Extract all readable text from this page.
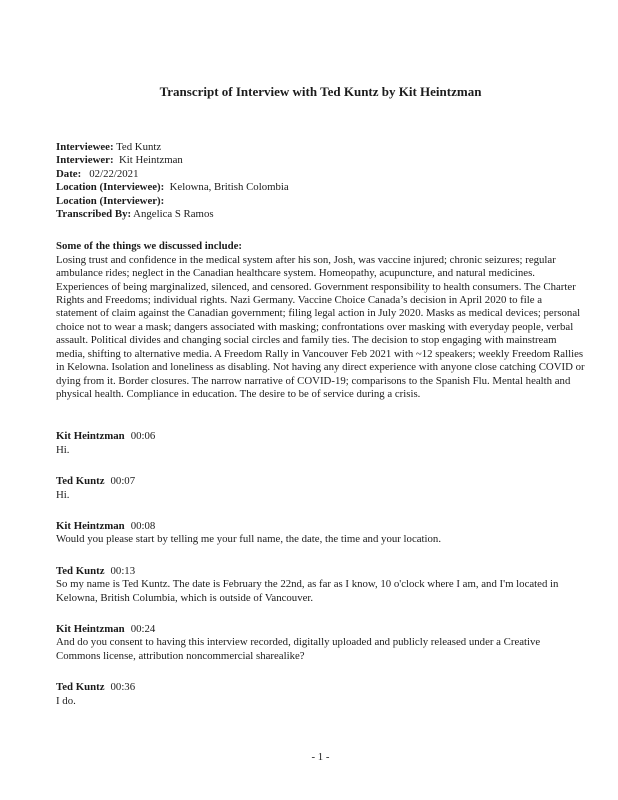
Transcript of Interview with Ted Kuntz by Kit Heintzman
Interviewee: Ted Kuntz
Interviewer:  Kit Heintzman
Date:   02/22/2021
Location (Interviewee):  Kelowna, British Colombia
Location (Interviewer):
Transcribed By: Angelica S Ramos
Some of the things we discussed include:

Losing trust and confidence in the medical system after his son, Josh, was vaccine injured; chronic seizures; regular ambulance rides; neglect in the Canadian healthcare system. Homeopathy, acupuncture, and natural medicines. Experiences of being marginalized, silenced, and censored. Government responsibility to health consumers. The Charter Rights and Freedoms; individual rights. Nazi Germany. Vaccine Choice Canada’s decision in April 2020 to file a statement of claim against the Canadian government; filing legal action in July 2020. Masks as medical devices; personal choice not to wear a mask; dangers associated with masking; confrontations over masking with everyday people, verbal assault. Political divides and changing social circles and family ties. The decision to stop engaging with mainstream media, shifting to alternative media. A Freedom Rally in Vancouver Feb 2021 with ~12 speakers; weekly Freedom Rallies in Kelowna. Isolation and loneliness as disabling. Not having any direct experience with anyone close catching COVID or dying from it. Border closures. The narrow narrative of COVID-19; comparisons to the Spanish Flu. Mental health and physical health. Compliance in education. The desire to be of service during a crisis.

Kit Heintzman 00:06
Hi.
Ted Kuntz 00:07
Hi.
Kit Heintzman 00:08
Would you please start by telling me your full name, the date, the time and your location.
Ted Kuntz 00:13
So my name is Ted Kuntz. The date is February the 22nd, as far as I know, 10 o'clock where I am, and I'm located in Kelowna, British Columbia, which is outside of Vancouver.
Kit Heintzman 00:24
And do you consent to having this interview recorded, digitally uploaded and publicly released under a Creative Commons license, attribution noncommercial sharealike?
Ted Kuntz 00:36
I do.
- 1 -
